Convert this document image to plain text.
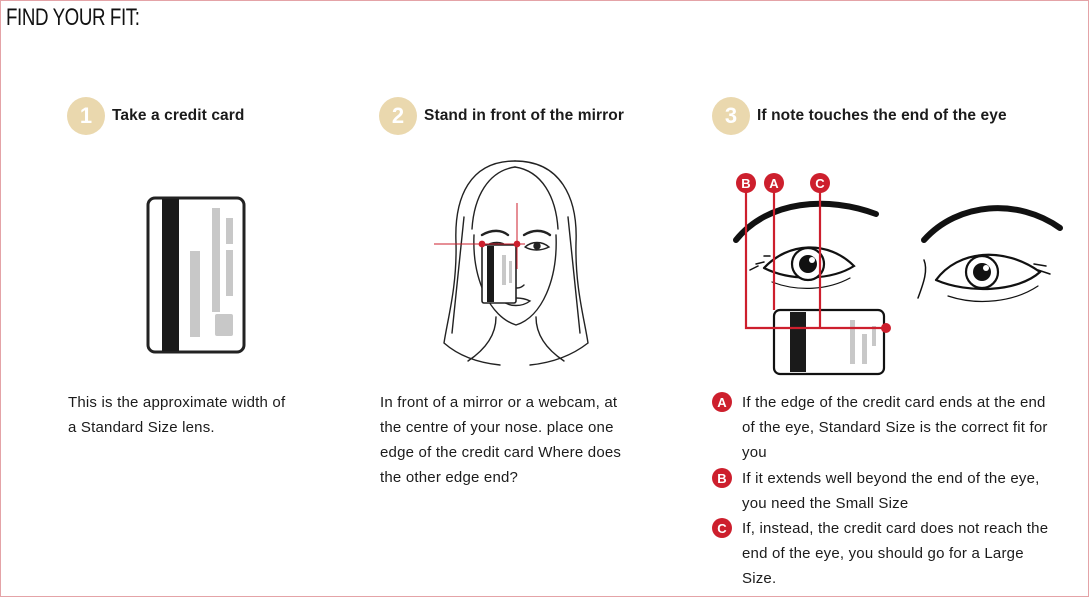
FIND YOUR FIT:
1	Take a credit card
This is the approximate width of
a Standard Size lens.
2	Stand in front of the mirror
In front of a mirror or a webcam, at
the centre of your nose. place one
edge of the credit card Where does
the other edge end?
3	If note touches the end of the eye
B A	C
A	If the edge of the credit card ends at the end
of the eye, Standard Size is the correct fit for
you
B	If it extends well beyond the end of the eye,
you need the Small Size
C	If, instead, the credit card does not reach the
end of the eye, you should go for a Large
Size.
